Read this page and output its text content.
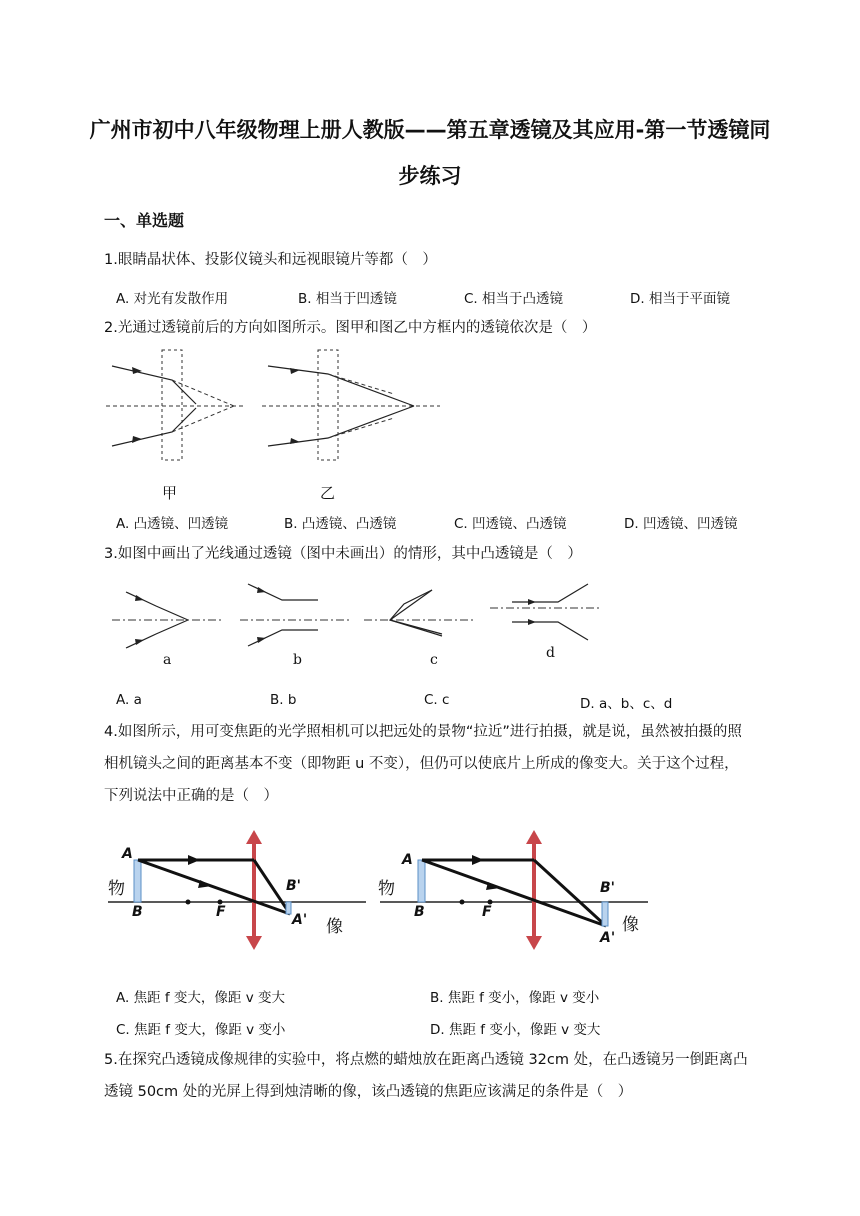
广州市初中八年级物理上册人教版——第五章透镜及其应用-第一节透镜同
步练习
一、单选题
1.眼睛晶状体、投影仪镜头和远视眼镜片等都（　）
A. 对光有发散作用	B. 相当于凹透镜	C. 相当于凸透镜	D. 相当于平面镜
2.光通过透镜前后的方向如图所示。图甲和图乙中方框内的透镜依次是（　）
甲	乙
A. 凸透镜、凹透镜	B. 凸透镜、凸透镜	C. 凹透镜、凸透镜	D. 凹透镜、凹透镜
3.如图中画出了光线通过透镜（图中未画出）的情形，其中凸透镜是（　）
a	b	c	d
A. a	B. b	C. c	D. a、b、c、d
4.如图所示，用可变焦距的光学照相机可以把远处的景物“拉近”进行拍摄，就是说，虽然被拍摄的照
相机镜头之间的距离基本不变（即物距 u 不变），但仍可以使底片上所成的像变大。关于这个过程，
下列说法中正确的是（　）
物
A
B	F
B'
A' 像
物
A
B	F
B'
A'
像
A. 焦距 f 变大，像距 v 变大	B. 焦距 f 变小，像距 v 变小
C. 焦距 f 变大，像距 v 变小	D. 焦距 f 变小，像距 v 变大
5.在探究凸透镜成像规律的实验中，将点燃的蜡烛放在距离凸透镜 32cm 处，在凸透镜另一倒距离凸
透镜 50cm 处的光屏上得到烛清晰的像，该凸透镜的焦距应该满足的条件是（　）
